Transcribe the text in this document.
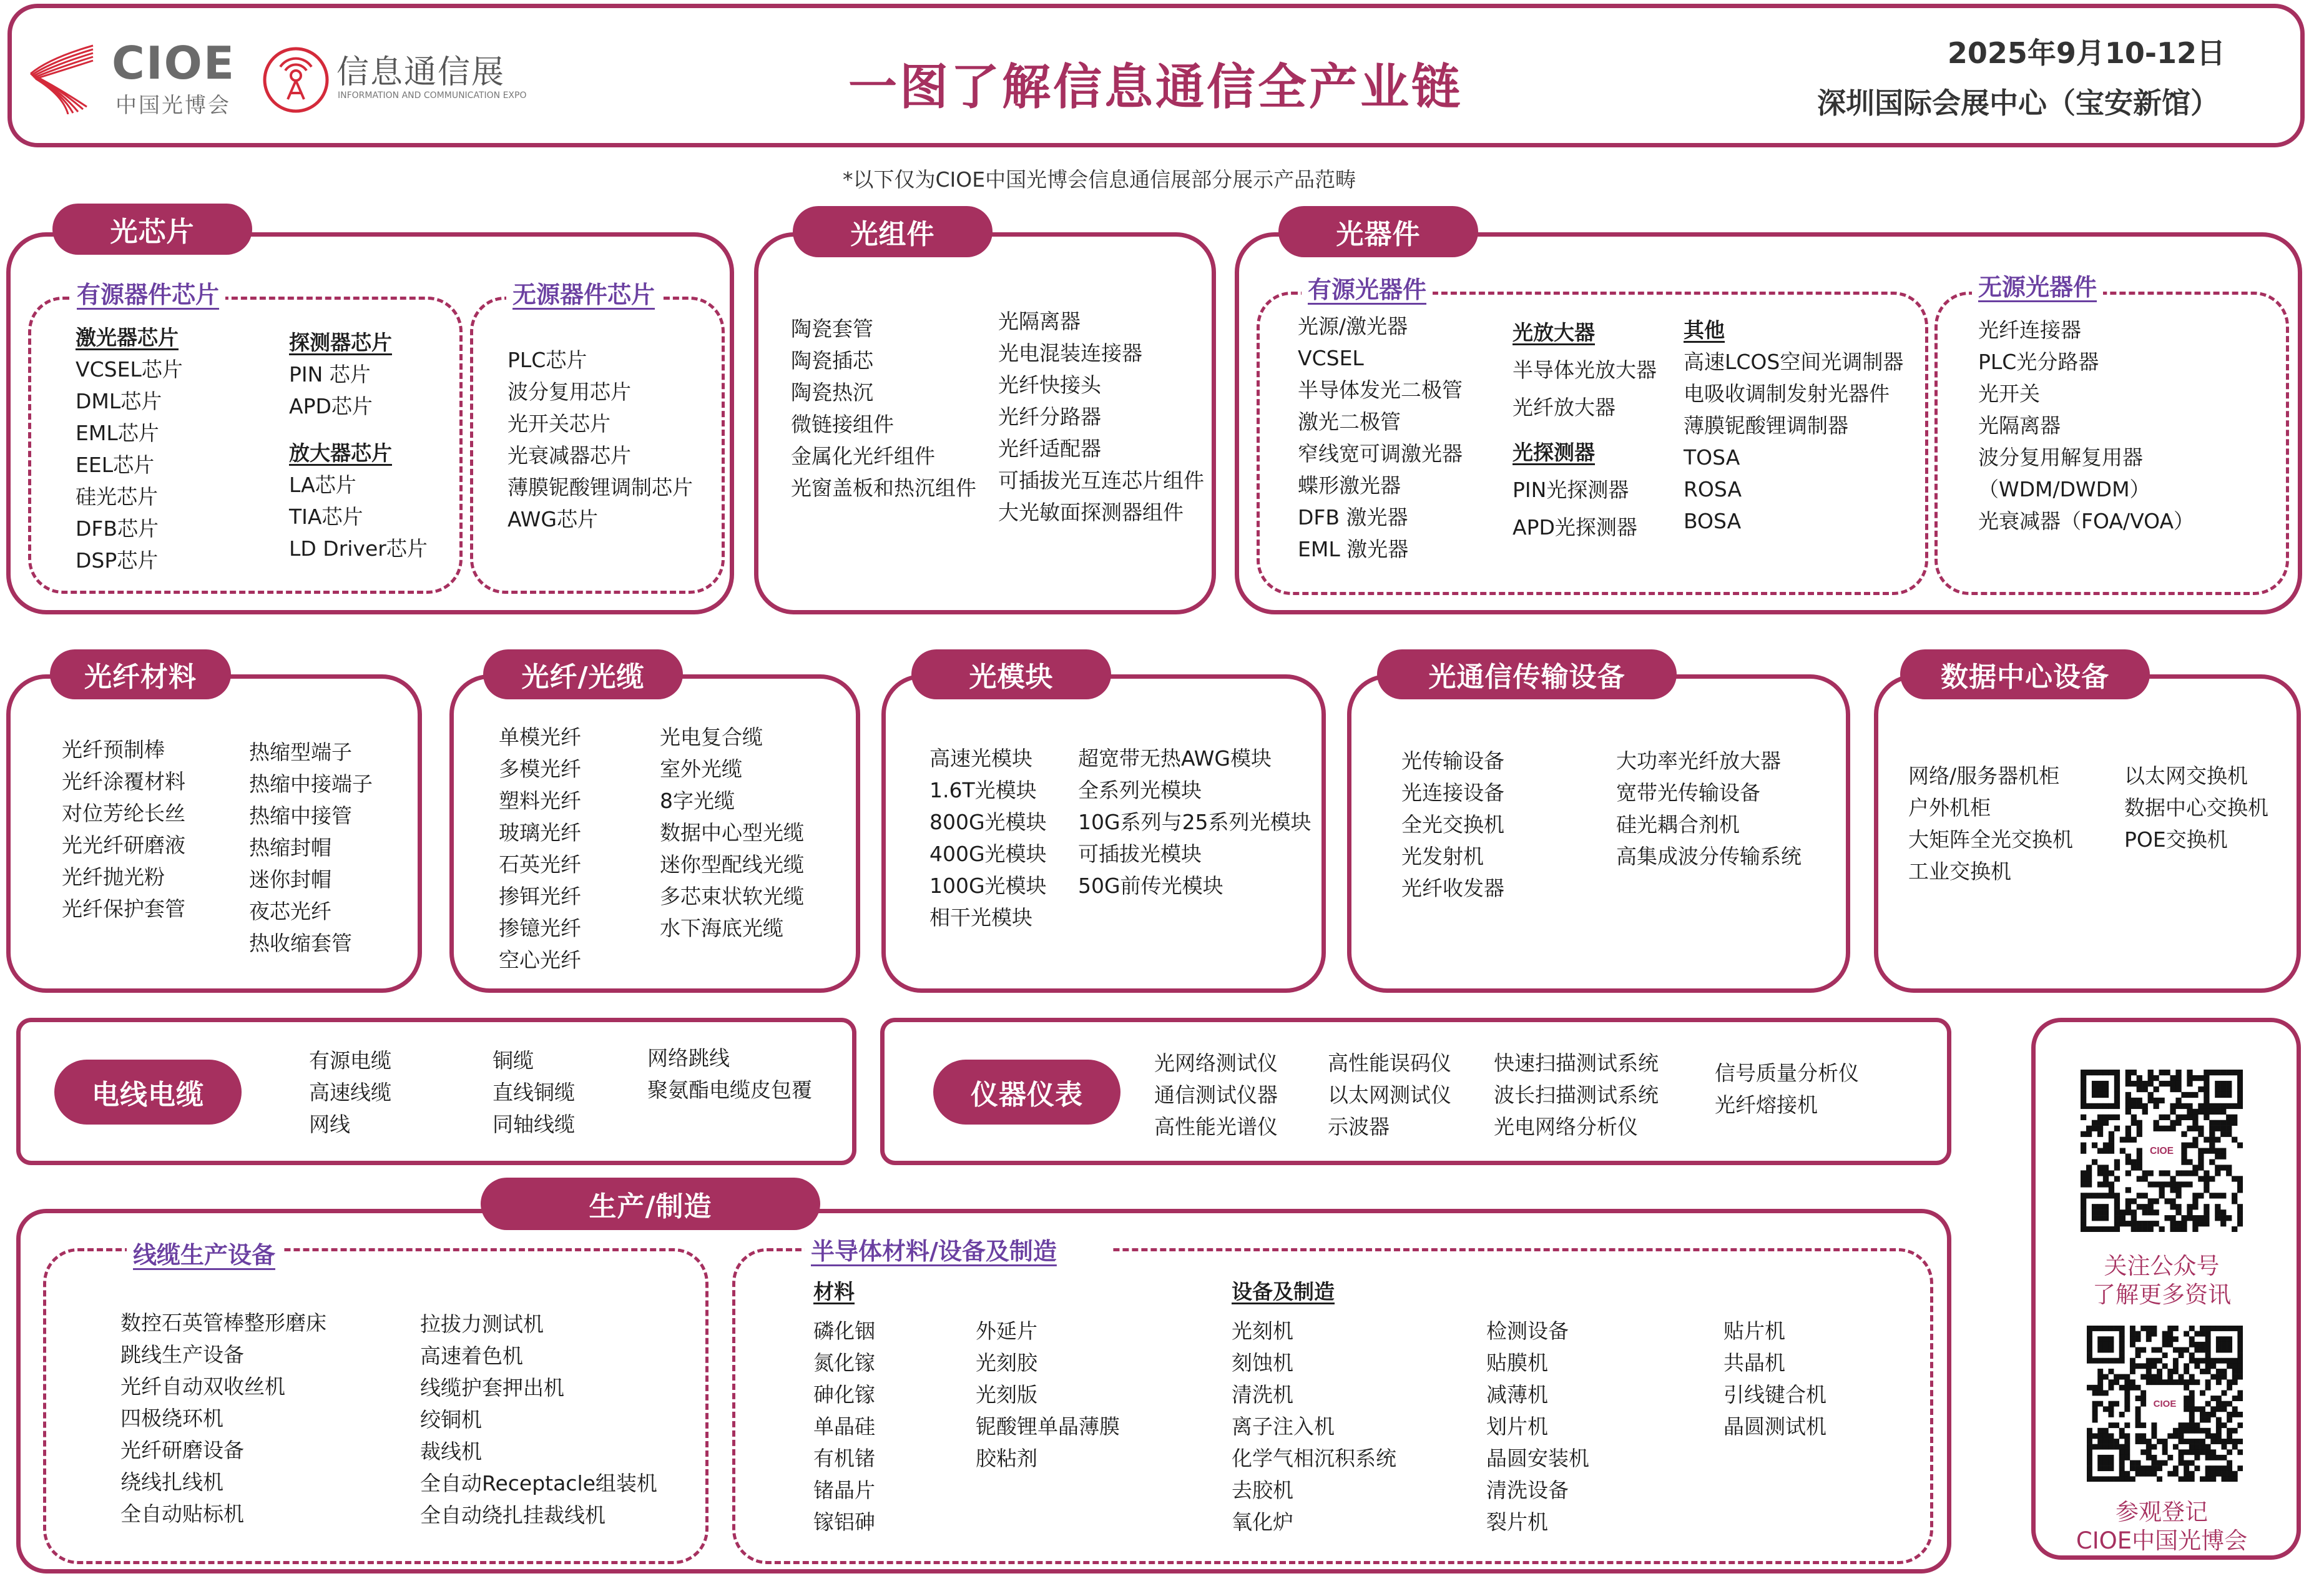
CIOE
中国光博会
信息通信展
INFORMATION AND COMMUNICATION EXPO	一图了解信息通信全产业链
2025年9月10-12日
深圳国际会展中心（宝安新馆）
*以下仅为CIOE中国光博会信息通信展部分展示产品范畴
有源器件芯片	无源器件芯片
激光器芯片
VCSEL芯片
DML芯片
EML芯片
EEL芯片
硅光芯片
DFB芯片
DSP芯片
探测器芯片
PIN 芯片
APD芯片
放大器芯片
LA芯片
TIA芯片
LD Driver芯片
PLC芯片
波分复用芯片
光开关芯片
光衰减器芯片
薄膜铌酸锂调制芯片
AWG芯片
光芯片
陶瓷套管
陶瓷插芯
陶瓷热沉
微链接组件
金属化光纤组件
光窗盖板和热沉组件
光隔离器
光电混装连接器
光纤快接头
光纤分路器
光纤适配器
可插拔光互连芯片组件
大光敏面探测器组件
光组件
有源光器件	无源光器件
光源/激光器
VCSEL
半导体发光二极管
激光二极管
窄线宽可调激光器
蝶形激光器
DFB 激光器
EML 激光器
光放大器
半导体光放大器
光纤放大器
光探测器
PIN光探测器
APD光探测器
其他
高速LCOS空间光调制器
电吸收调制发射光器件
薄膜铌酸锂调制器
TOSA
ROSA
BOSA
光纤连接器
PLC光分路器
光开关
光隔离器
波分复用解复用器
（WDM/DWDM）
光衰减器（FOA/VOA）
光器件
光纤预制棒
光纤涂覆材料
对位芳纶长丝
光光纤研磨液
光纤抛光粉
光纤保护套管
热缩型端子
热缩中接端子
热缩中接管
热缩封帽
迷你封帽
夜芯光纤
热收缩套管
光纤材料
单模光纤
多模光纤
塑料光纤
玻璃光纤
石英光纤
掺铒光纤
掺镱光纤
空心光纤
光电复合缆
室外光缆
8字光缆
数据中心型光缆
迷你型配线光缆
多芯束状软光缆
水下海底光缆
光纤/光缆
高速光模块
1.6T光模块
800G光模块
400G光模块
100G光模块
相干光模块
超宽带无热AWG模块
全系列光模块
10G系列与25系列光模块
可插拔光模块
50G前传光模块
光模块
光传输设备
光连接设备
全光交换机
光发射机
光纤收发器
大功率光纤放大器
宽带光传输设备
硅光耦合剂机
高集成波分传输系统
光通信传输设备
网络/服务器机柜
户外机柜
大矩阵全光交换机
工业交换机
以太网交换机
数据中心交换机
POE交换机
数据中心设备
电线电缆
有源电缆
高速线缆
网线
铜缆
直线铜缆
同轴线缆
网络跳线
聚氨酯电缆皮包覆	仪器仪表
光网络测试仪
通信测试仪器
高性能光谱仪
高性能误码仪
以太网测试仪
示波器
快速扫描测试系统
波长扫描测试系统
光电网络分析仪
信号质量分析仪
光纤熔接机
CIOE
关注公众号
了解更多资讯
CIOE
参观登记
CIOE中国光博会
线缆生产设备	半导体材料/设备及制造
数控石英管棒整形磨床
跳线生产设备
光纤自动双收丝机
四极绕环机
光纤研磨设备
绕线扎线机
全自动贴标机
拉拔力测试机
高速着色机
线缆护套押出机
绞铜机
裁线机
全自动Receptacle组装机
全自动绕扎挂裁线机
材料
磷化铟
氮化镓
砷化镓
单晶硅
有机锗
锗晶片
镓铝砷
外延片
光刻胶
光刻版
铌酸锂单晶薄膜
胶粘剂
设备及制造
光刻机
刻蚀机
清洗机
离子注入机
化学气相沉积系统
去胶机
氧化炉
检测设备
贴膜机
减薄机
划片机
晶圆安装机
清洗设备
裂片机
贴片机
共晶机
引线键合机
晶圆测试机
生产/制造
